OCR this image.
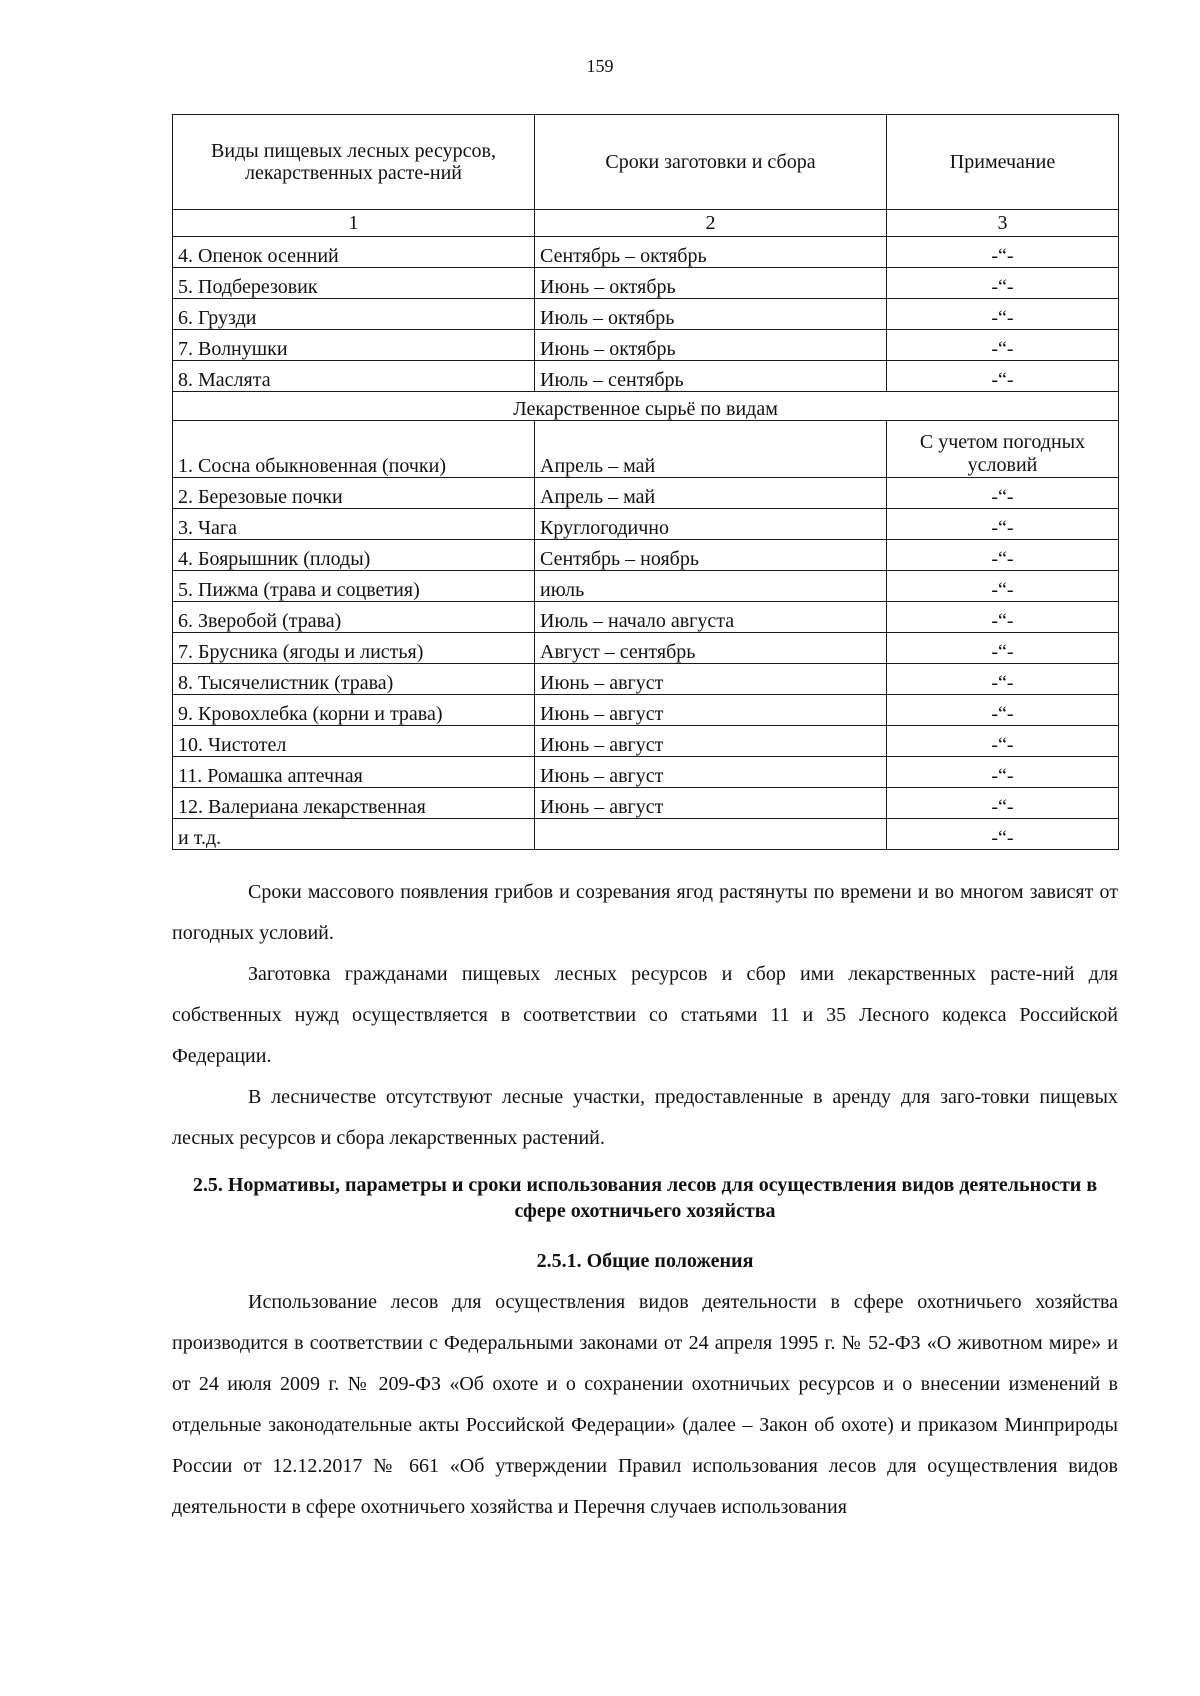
159
Виды пищевых лесных ресурсов, лекарственных расте-ний	Сроки заготовки и сбора	Примечание
1	2	3
4. Опенок осенний	Сентябрь – октябрь	-“-
5. Подберезовик	Июнь – октябрь	-“-
6. Грузди	Июль – октябрь	-“-
7. Волнушки	Июнь – октябрь	-“-
8. Маслята	Июль – сентябрь	-“-
Лекарственное сырьё по видам		
1. Сосна обыкновенная (почки)	Апрель – май	С учетом погодных условий
2. Березовые почки	Апрель – май	-“-
3. Чага	Круглогодично	-“-
4. Боярышник (плоды)	Сентябрь – ноябрь	-“-
5. Пижма (трава и соцветия)	июль	-“-
6. Зверобой (трава)	Июль – начало августа	-“-
7. Брусника (ягоды и листья)	Август – сентябрь	-“-
8. Тысячелистник (трава)	Июнь – август	-“-
9. Кровохлебка (корни и трава)	Июнь – август	-“-
10. Чистотел	Июнь – август	-“-
11. Ромашка аптечная	Июнь – август	-“-
12. Валериана лекарственная	Июнь – август	-“-
и т.д.		-“-

Сроки массового появления грибов и созревания ягод растянуты по времени и во многом зависят от погодных условий.

Заготовка гражданами пищевых лесных ресурсов и сбор ими лекарственных расте-ний для собственных нужд осуществляется в соответствии со статьями 11 и 35 Лесного кодекса Российской Федерации.

В лесничестве отсутствуют лесные участки, предоставленные в аренду для заго-товки пищевых лесных ресурсов и сбора лекарственных растений.

2.5. Нормативы, параметры и сроки использования лесов для осуществления видов деятельности в сфере охотничьего хозяйства
2.5.1. Общие положения

Использование лесов для осуществления видов деятельности в сфере охотничьего хозяйства производится в соответствии с Федеральными законами от 24 апреля 1995 г. № 52-ФЗ «О животном мире» и от 24 июля 2009 г. № 209-ФЗ «Об охоте и о сохранении охотничьих ресурсов и о внесении изменений в отдельные законодательные акты Российской Федерации» (далее – Закон об охоте) и приказом Минприроды России от 12.12.2017 № 661 «Об утверждении Правил использования лесов для осуществления видов деятельности в сфере охотничьего хозяйства и Перечня случаев использования
